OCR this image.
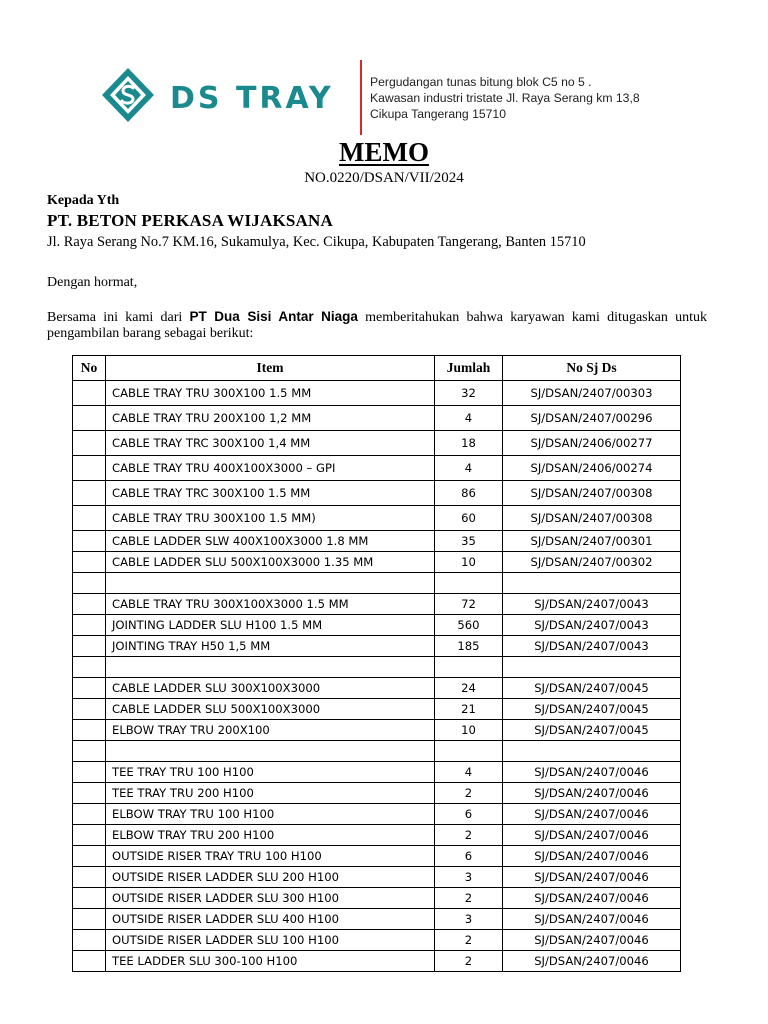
DS TRAY	Pergudangan tunas bitung blok C5 no 5 .
Kawasan industri tristate Jl. Raya Serang km 13,8
Cikupa Tangerang 15710
MEMO
NO.0220/DSAN/VII/2024
Kepada Yth
PT. BETON PERKASA WIJAKSANA
Jl. Raya Serang No.7 KM.16, Sukamulya, Kec. Cikupa, Kabupaten Tangerang, Banten 15710
Dengan hormat,
Bersama ini kami dari PT Dua Sisi Antar Niaga memberitahukan bahwa karyawan kami ditugaskan untuk pengambilan barang sebagai berikut:
No	Item	Jumlah	No Sj Ds
	CABLE TRAY TRU 300X100 1.5 MM	32	SJ/DSAN/2407/00303
	CABLE TRAY TRU 200X100 1,2 MM	4	SJ/DSAN/2407/00296
	CABLE TRAY TRC 300X100 1,4 MM	18	SJ/DSAN/2406/00277
	CABLE TRAY TRU 400X100X3000 – GPI	4	SJ/DSAN/2406/00274
	CABLE TRAY TRC 300X100 1.5 MM	86	SJ/DSAN/2407/00308
	CABLE TRAY TRU 300X100 1.5 MM)	60	SJ/DSAN/2407/00308
	CABLE LADDER SLW 400X100X3000 1.8 MM	35	SJ/DSAN/2407/00301
	CABLE LADDER SLU 500X100X3000 1.35 MM	10	SJ/DSAN/2407/00302

	CABLE TRAY TRU 300X100X3000 1.5 MM	72	SJ/DSAN/2407/0043
	JOINTING LADDER SLU H100 1.5 MM	560	SJ/DSAN/2407/0043
	JOINTING TRAY H50 1,5 MM	185	SJ/DSAN/2407/0043

	CABLE LADDER SLU 300X100X3000	24	SJ/DSAN/2407/0045
	CABLE LADDER SLU 500X100X3000	21	SJ/DSAN/2407/0045
	ELBOW TRAY TRU 200X100	10	SJ/DSAN/2407/0045

	TEE TRAY TRU 100 H100	4	SJ/DSAN/2407/0046
	TEE TRAY TRU 200 H100	2	SJ/DSAN/2407/0046
	ELBOW TRAY TRU 100 H100	6	SJ/DSAN/2407/0046
	ELBOW TRAY TRU 200 H100	2	SJ/DSAN/2407/0046
	OUTSIDE RISER TRAY TRU 100 H100	6	SJ/DSAN/2407/0046
	OUTSIDE RISER LADDER SLU 200 H100	3	SJ/DSAN/2407/0046
	OUTSIDE RISER LADDER SLU 300 H100	2	SJ/DSAN/2407/0046
	OUTSIDE RISER LADDER SLU 400 H100	3	SJ/DSAN/2407/0046
	OUTSIDE RISER LADDER SLU 100 H100	2	SJ/DSAN/2407/0046
	TEE LADDER SLU 300-100 H100	2	SJ/DSAN/2407/0046
